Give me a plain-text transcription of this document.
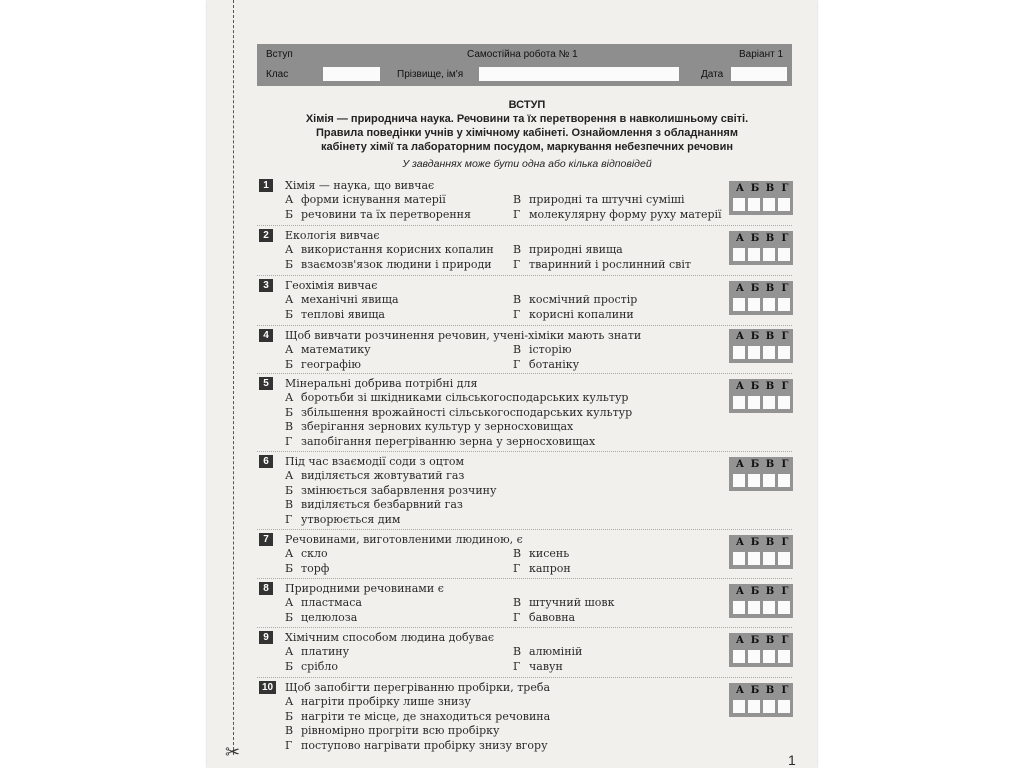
✂
Вступ	Самостійна робота № 1	Варіант 1
Клас	Прізвище, ім'я	Дата
ВСТУП
Хімія — природнича наука. Речовини та їх перетворення в навколишньому світі.
Правила поведінки учнів у хімічному кабінеті. Ознайомлення з обладнанням
кабінету хімії та лабораторним посудом, маркування небезпечних речовин
У завданнях може бути одна або кілька відповідей
1	Хімія — наука, що вивчає
А форми існування матерії
Б речовини та їх перетворення
В природні та штучні суміші
Г молекулярну форму руху матерії
А Б В Г
2	Екологія вивчає
А використання корисних копалин
Б взаємозв'язок людини і природи
В природні явища
Г тваринний і рослинний світ
А Б В Г
3	Геохімія вивчає
А механічні явища
Б теплові явища
В космічний простір
Г корисні копалини
А Б В Г
4	Щоб вивчати розчинення речовин, учені-хіміки мають знати
А математику
Б географію
В історію
Г ботаніку
А Б В Г
5	Мінеральні добрива потрібні для
А боротьби зі шкідниками сільськогосподарських культур
Б збільшення врожайності сільськогосподарських культур
В зберігання зернових культур у зерносховищах
Г запобігання перегріванню зерна у зерносховищах
А Б В Г
6	Під час взаємодії соди з оцтом
А виділяється жовтуватий газ
Б змінюється забарвлення розчину
В виділяється безбарвний газ
Г утворюється дим
А Б В Г
7	Речовинами, виготовленими людиною, є
А скло
Б торф
В кисень
Г капрон
А Б В Г
8	Природними речовинами є
А пластмаса
Б целюлоза
В штучний шовк
Г бавовна
А Б В Г
9	Хімічним способом людина добуває
А платину
Б срібло
В алюміній
Г чавун
А Б В Г
10 Щоб запобігти перегріванню пробірки, треба
А нагріти пробірку лише знизу
Б нагріти те місце, де знаходиться речовина
В рівномірно прогріти всю пробірку
Г поступово нагрівати пробірку знизу вгору
А Б В Г
1
